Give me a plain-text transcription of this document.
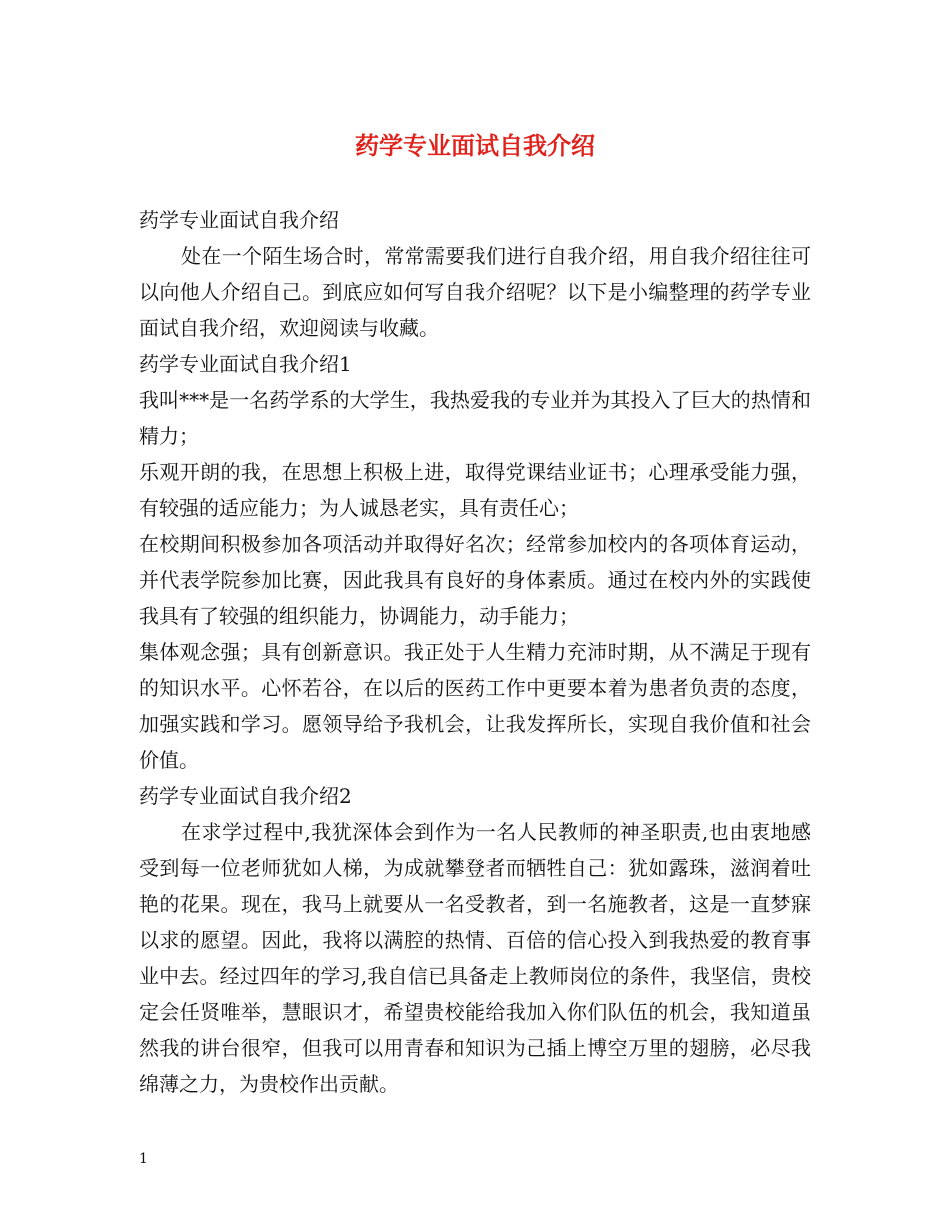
药学专业面试自我介绍

药学专业面试自我介绍

处在一个陌生场合时，常常需要我们进行自我介绍，用自我介绍往往可以向他人介绍自己。到底应如何写自我介绍呢？以下是小编整理的药学专业面试自我介绍，欢迎阅读与收藏。

药学专业面试自我介绍1

我叫***是一名药学系的大学生，我热爱我的专业并为其投入了巨大的热情和精力；

乐观开朗的我，在思想上积极上进，取得党课结业证书；心理承受能力强，有较强的适应能力；为人诚恳老实，具有责任心；

在校期间积极参加各项活动并取得好名次；经常参加校内的各项体育运动，并代表学院参加比赛，因此我具有良好的身体素质。通过在校内外的实践使我具有了较强的组织能力，协调能力，动手能力；

集体观念强；具有创新意识。我正处于人生精力充沛时期，从不满足于现有的知识水平。心怀若谷，在以后的医药工作中更要本着为患者负责的态度，加强实践和学习。愿领导给予我机会，让我发挥所长，实现自我价值和社会价值。

药学专业面试自我介绍2

在求学过程中,我犹深体会到作为一名人民教师的神圣职责,也由衷地感受到每一位老师犹如人梯，为成就攀登者而牺牲自己：犹如露珠，滋润着吐艳的花果。现在，我马上就要从一名受教者，到一名施教者，这是一直梦寐以求的愿望。因此，我将以满腔的热情、百倍的信心投入到我热爱的教育事业中去。经过四年的学习,我自信已具备走上教师岗位的条件，我坚信，贵校定会任贤唯举，慧眼识才，希望贵校能给我加入你们队伍的机会，我知道虽然我的讲台很窄，但我可以用青春和知识为己插上博空万里的翅膀，必尽我绵薄之力，为贵校作出贡献。

1
